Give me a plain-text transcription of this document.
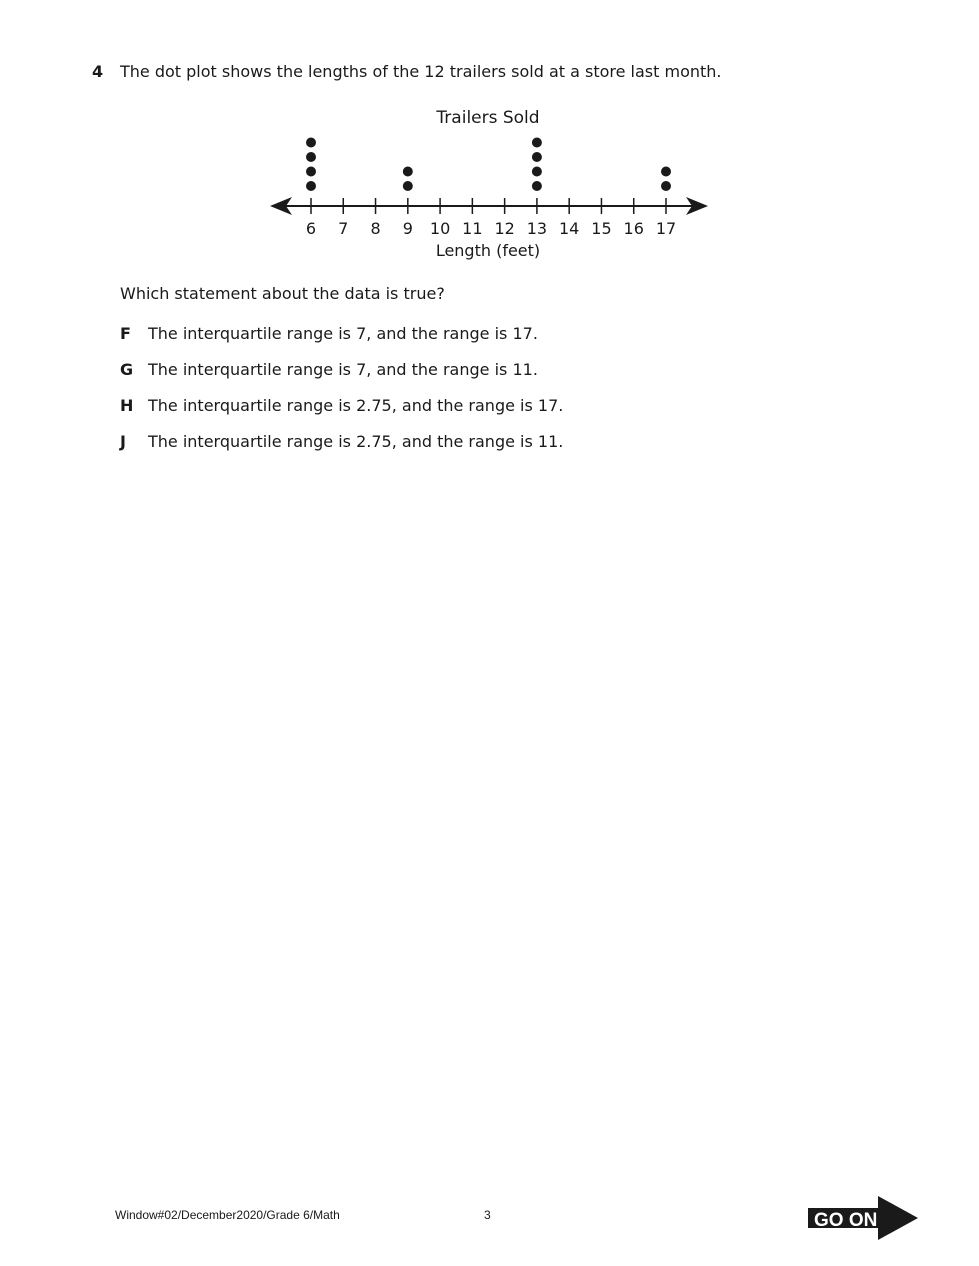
4 The dot plot shows the lengths of the 12 trailers sold at a store last month.
Trailers Sold
6 7 8 9 10 11 12 13 14 15 16 17
Length (feet)
Which statement about the data is true?
F The interquartile range is 7, and the range is 17.
G The interquartile range is 7, and the range is 11.
H The interquartile range is 2.75, and the range is 17.
J The interquartile range is 2.75, and the range is 11.
Window#02/December2020/Grade 6/Math	3	GO ON
